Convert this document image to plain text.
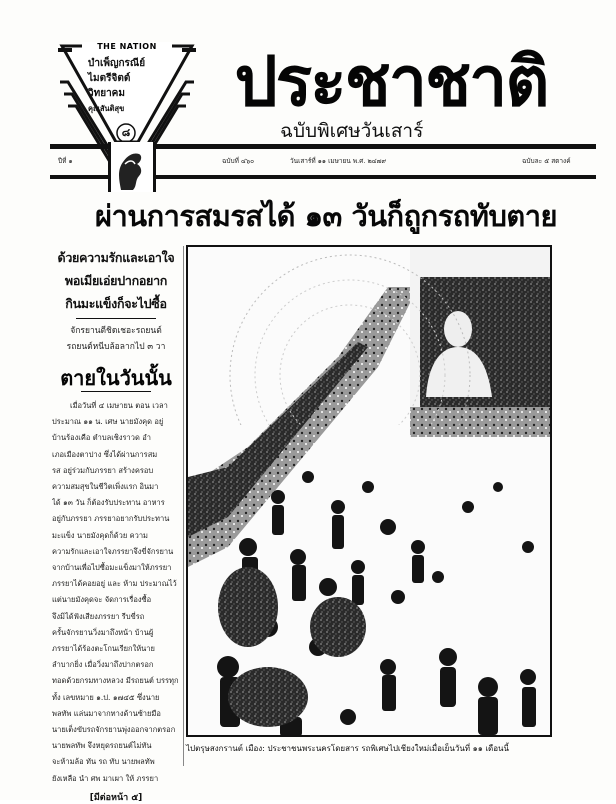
THE NATION
บำเพ็ญกรณีย์
ไมตรีจิตต์
วิทยาคม
คุณสันติสุข
๘
ประชาชาติ
ฉบับพิเศษวันเสาร์
ปีที่ ๑	ฉบับที่ ๔๖๐	วันเสาร์ที่ ๑๑ เมษายน พ.ศ. ๒๔๗๙	ฉบับละ ๕ สตางค์
ผ่านการสมรสได้ ๑๓ วันก็ถูกรถทับตาย
ด้วยความรักและเอาใจ
พอเมียเอ่ยปากอยาก
กินมะแข็งก็จะไปซื้อ
จักรยานตีชิดเชอะรถยนต์
รถยนต์หนีบล้อลากไป ๓ วา
ตายในวันนั้น
เมื่อวันที่ ๔ เมษายน ตอน เวลา
ประมาณ ๑๑ น. เศษ นายมังคุด อยู่
บ้านร้องเคือ ตำบลเชิงราวด อำ
เภอเมืองตาปาง ซึ่งได้ผ่านการสม
รส อยู่ร่วมกับภรรยา สร้างครอบ
ความสมสุขในชีวิตเพิ่งแรก อินมา
ได้ ๑๓ วัน ก็ต้องรับประทาน อาหาร
อยู่กับภรรยา ภรรยาอยากรับประทาน
มะแข็ง นายมังคุดก็ด้วย ความ
ความรักและเอาใจภรรยาจึงขี่จักรยาน
จากบ้านเพื่อไปซื้อมะแข็งมาให้ภรรยา
ภรรยาได้คอยอยู่ และ ห้าม ประมาณไว้
แต่นายมังคุดจะ จัดการเรื่องซื้อ
จึงมิได้ฟังเสียงภรรยา รีบขี่รถ
ครั้นจักรยานวิ่งมาถึงหน้า บ้านผู้
ภรรยาได้ร้องตะโกนเรียกให้นาย
ลำบากยิ่ง เมื่อวิ่งมาถึงปากตรอก
ทอดด้วยกรมทางหลวง มีรถยนต์ บรรทุก
ทั้ง เลขหมาย ๑.ป. ๑๗๔๕ ซึ่งนาย
พลทัพ แล่นมาจากทางด้านซ้ายมือ
นายเต็งขับรถจักรยานพุ่งออกจากตรอก
นายพลทัพ จึงหยุดรถยนต์ไม่ทัน
จะห้ามล้อ ทัน รถ ทับ นายพลทัพ
ยังเหลือ นำ ศพ มาเผา ให้ ภรรยา
[มีต่อหน้า ๕]
ไปตรุษสงกรานต์ เมือง: ประชาชนพระนครโดยสาร รถพิเศษไปเชียงใหม่เมื่อเย็นวันที่ ๑๑ เดือนนี้
